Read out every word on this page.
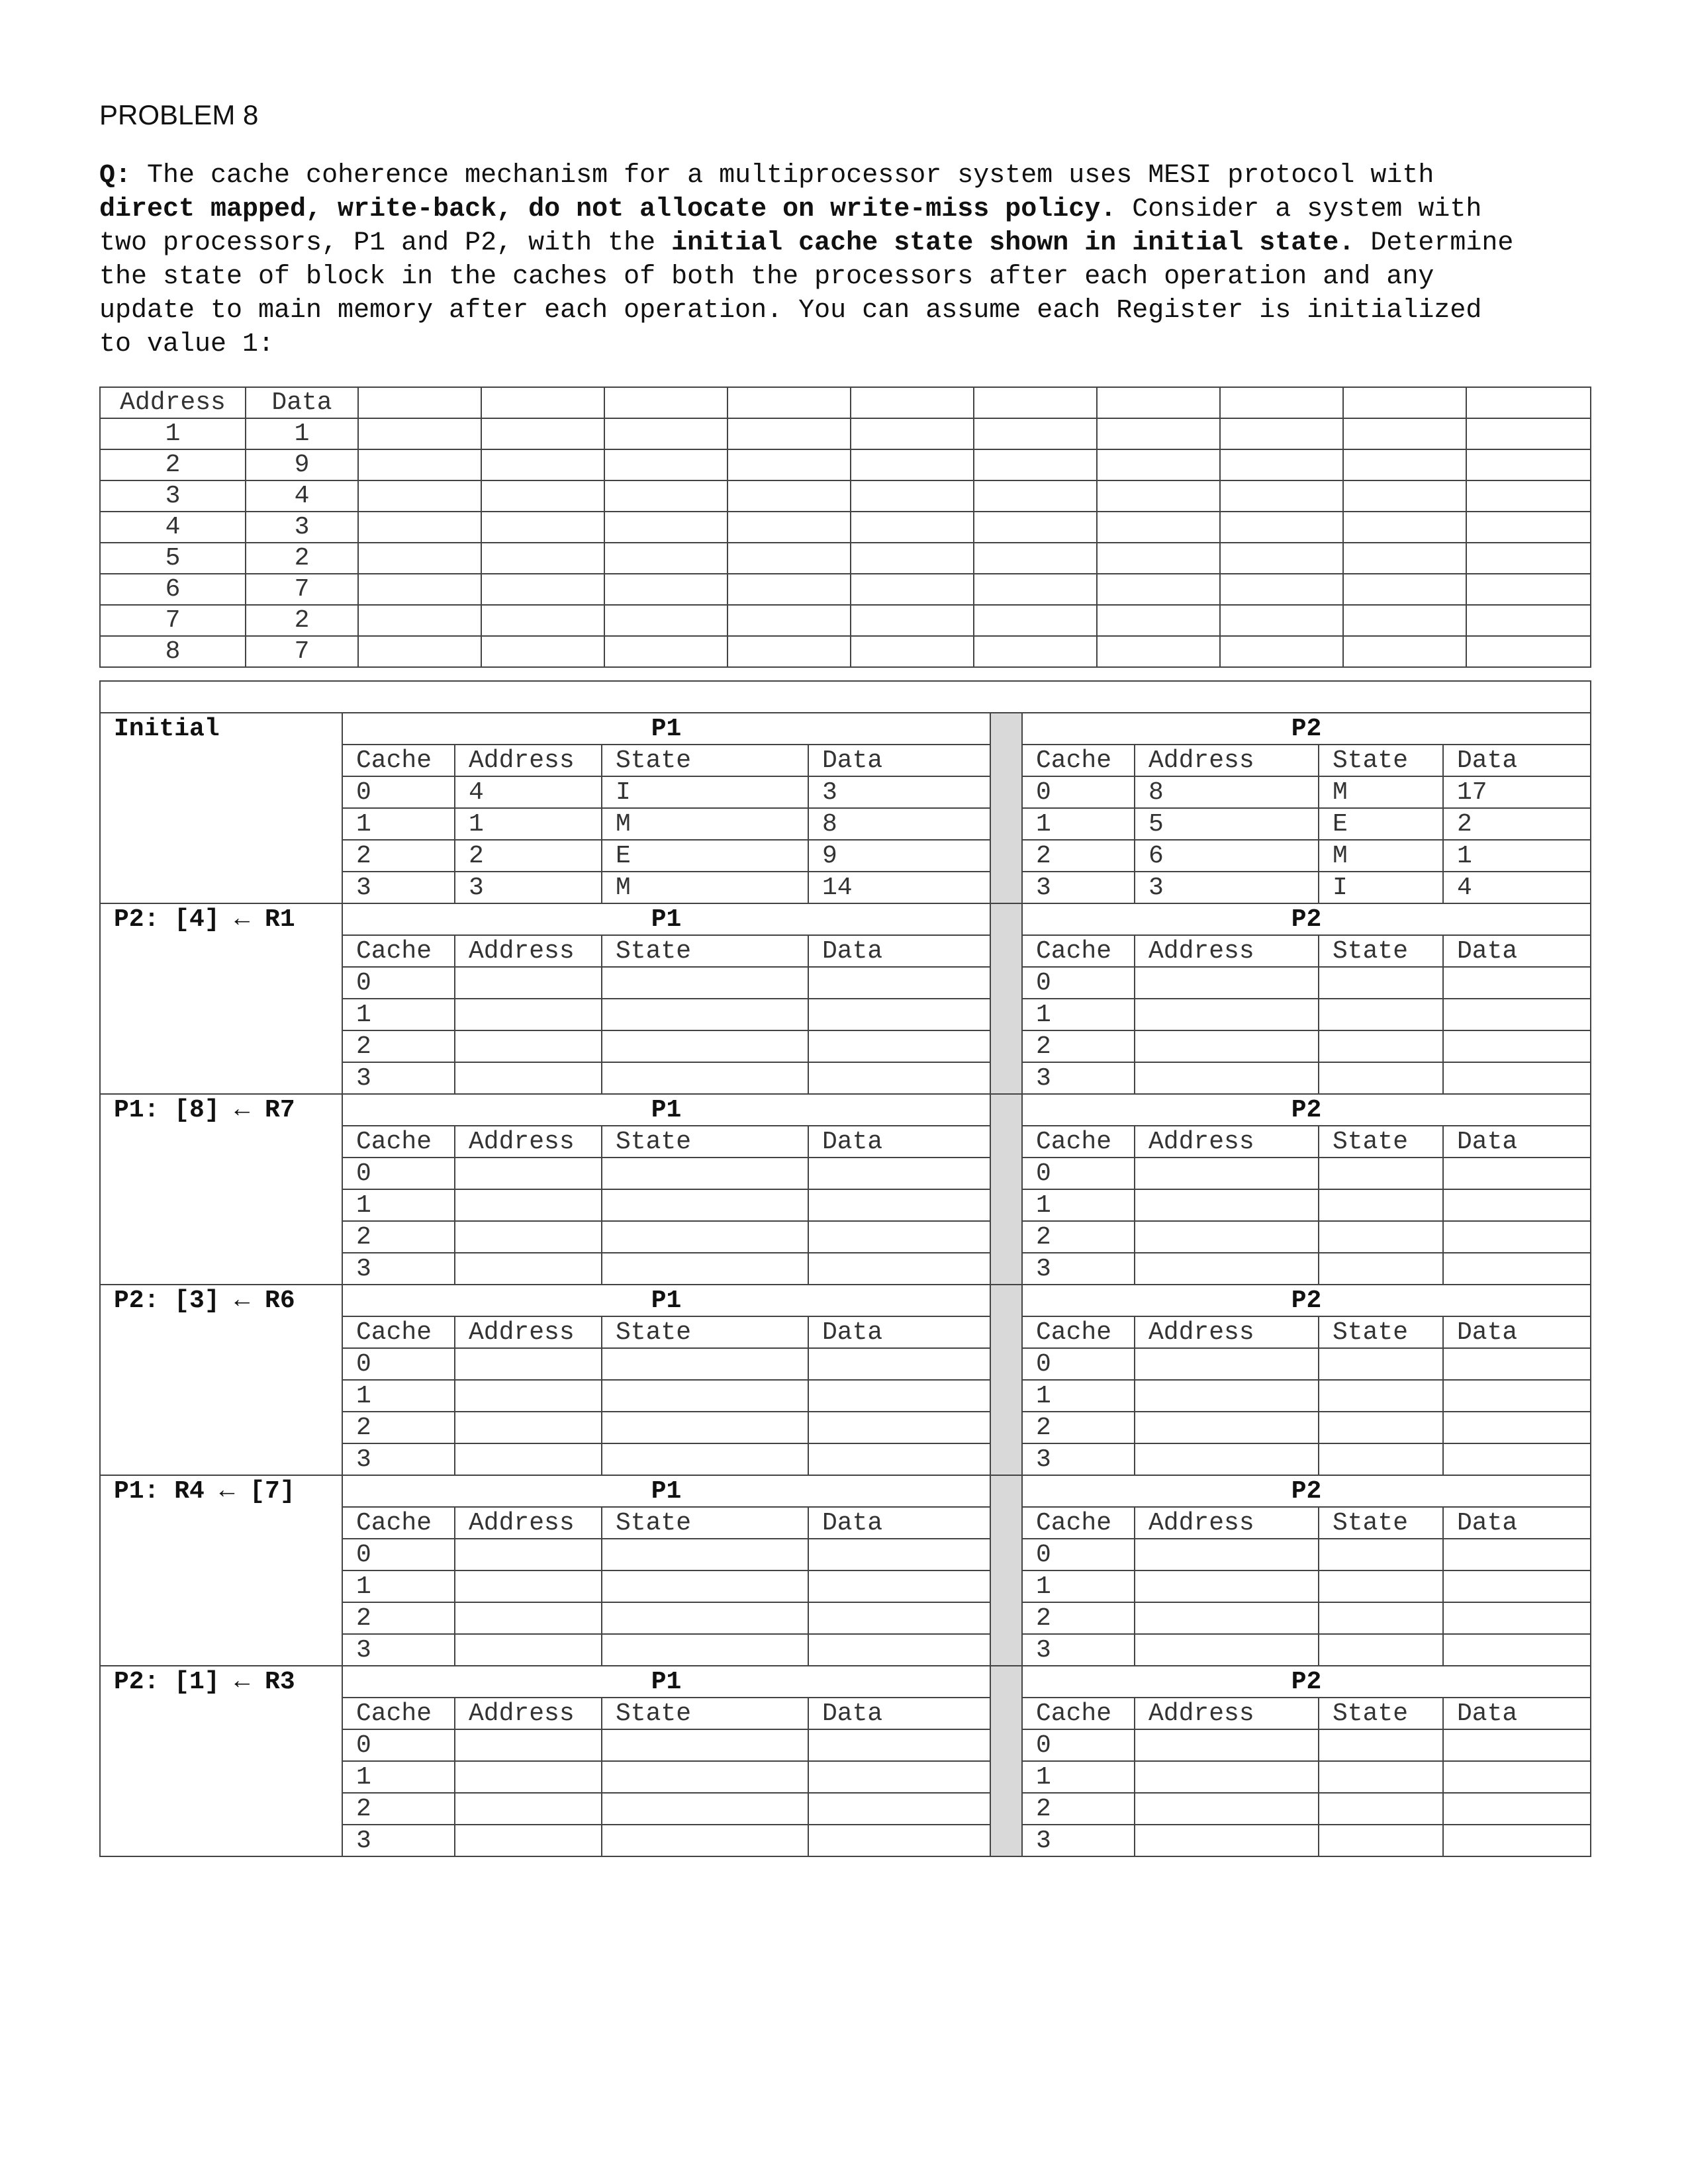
PROBLEM 8
Q: The cache coherence mechanism for a multiprocessor system uses MESI protocol with
direct mapped, write-back, do not allocate on write-miss policy. Consider a system with
two processors, P1 and P2, with the initial cache state shown in initial state. Determine
the state of block in the caches of both the processors after each operation and any
update to main memory after each operation. You can assume each Register is initialized
to value 1:
Address	Data										
1	1										
2	9										
3	4										
4	3										
5	2										
6	7										
7	2										
8	7										

Initial	P1					P2			
	Cache	Address	State	Data		Cache	Address	State	Data
	0	4	I	3		0	8	M	17
	1	1	M	8		1	5	E	2
	2	2	E	9		2	6	M	1
	3	3	M	14		3	3	I	4
P2: [4] ← R1	P1					P2			
	Cache	Address	State	Data		Cache	Address	State	Data
	0					0			
	1					1			
	2					2			
	3					3			
P1: [8] ← R7	P1					P2			
	Cache	Address	State	Data		Cache	Address	State	Data
	0					0			
	1					1			
	2					2			
	3					3			
P2: [3] ← R6	P1					P2			
	Cache	Address	State	Data		Cache	Address	State	Data
	0					0			
	1					1			
	2					2			
	3					3			
P1: R4 ← [7]	P1					P2			
	Cache	Address	State	Data		Cache	Address	State	Data
	0					0			
	1					1			
	2					2			
	3					3			
P2: [1] ← R3	P1					P2			
	Cache	Address	State	Data		Cache	Address	State	Data
	0					0			
	1					1			
	2					2			
	3					3			
